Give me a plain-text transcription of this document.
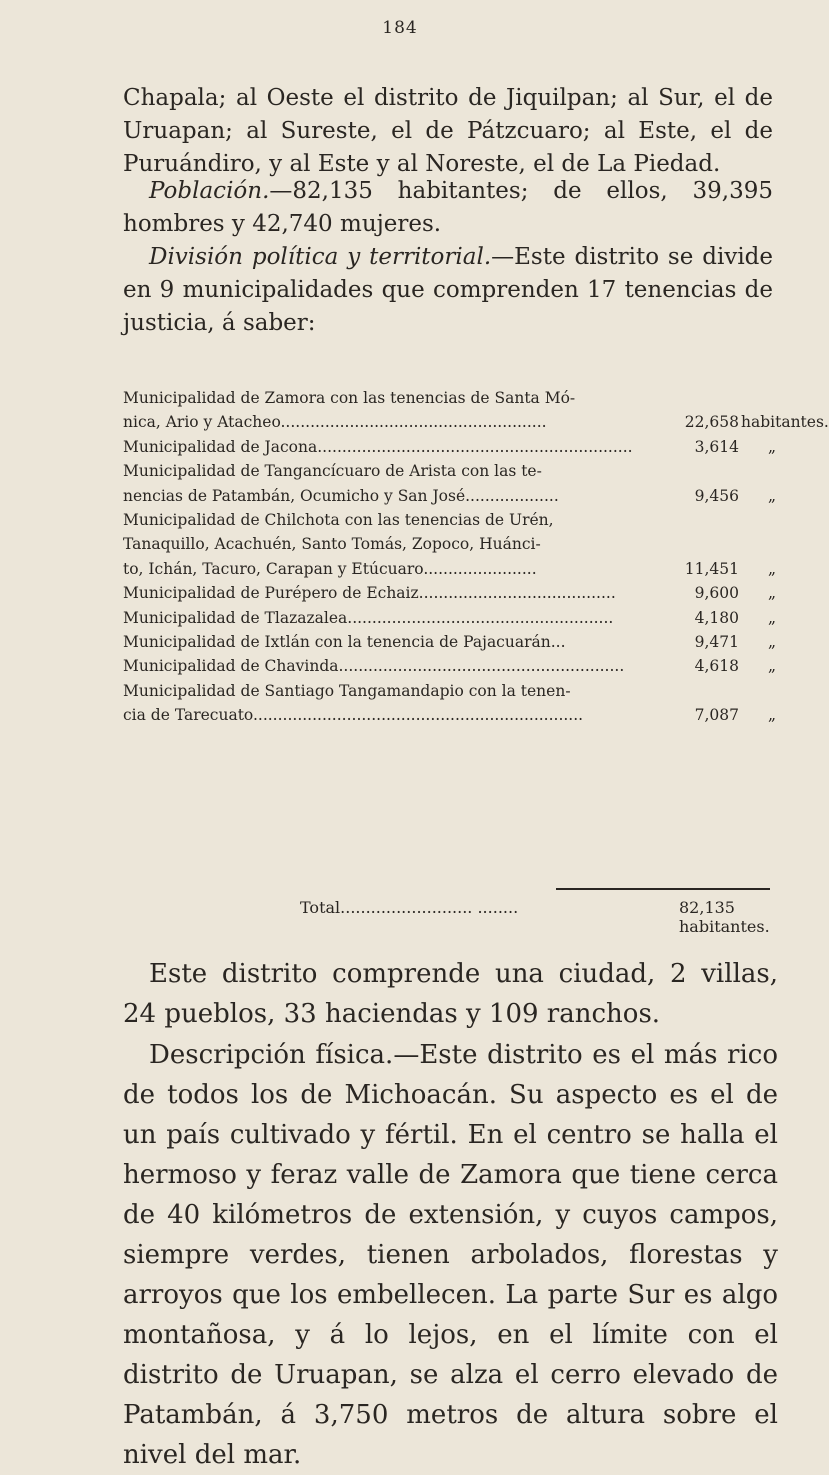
184

Chapala; al Oeste el distrito de Jiquilpan; al Sur, el de Uruapan; al Sureste, el de Pátzcuaro; al Este, el de Puruándiro, y al Este y al Noreste, el de La Piedad.

Población.—82,135 habitantes; de ellos, 39,395 hombres y 42,740 mujeres.

División política y territorial.—Este distrito se divide en 9 municipalidades que comprenden 17 tenencias de justicia, á saber:

Municipalidad de Zamora con las tenencias de Santa Mó-
nica, Ario y Atacheo......................................................	22,658 habitantes.
Municipalidad de Jacona................................................................	3,614 „
Municipalidad de Tangancícuaro de Arista con las te-
nencias de Patambán, Ocumicho y San José...................	9,456 „
Municipalidad de Chilchota con las tenencias de Urén,
Tanaquillo, Acachuén, Santo Tomás, Zopoco, Huánci-
to, Ichán, Tacuro, Carapan y Etúcuaro.......................	11,451 „
Municipalidad de Purépero de Echaiz........................................	9,600 „
Municipalidad de Tlazazalea......................................................	4,180 „
Municipalidad de Ixtlán con la tenencia de Pajacuarán...	9,471 „
Municipalidad de Chavinda..........................................................	4,618 „
Municipalidad de Santiago Tangamandapio con la tenen-
cia de Tarecuato...................................................................	7,087 „
Total.......................... ........	82,135 habitantes.

Este distrito comprende una ciudad, 2 villas, 24 pueblos, 33 haciendas y 109 ranchos.

Descripción física.—Este distrito es el más rico de todos los de Michoacán. Su aspecto es el de un país cultivado y fértil. En el centro se halla el hermoso y feraz valle de Zamora que tiene cerca de 40 kilómetros de extensión, y cuyos campos, siempre verdes, tienen arbolados, florestas y arroyos que los embellecen. La parte Sur es algo montañosa, y á lo lejos, en el límite con el distrito de Uruapan, se alza el cerro elevado de Patambán, á 3,750 metros de altura sobre el nivel del mar.
